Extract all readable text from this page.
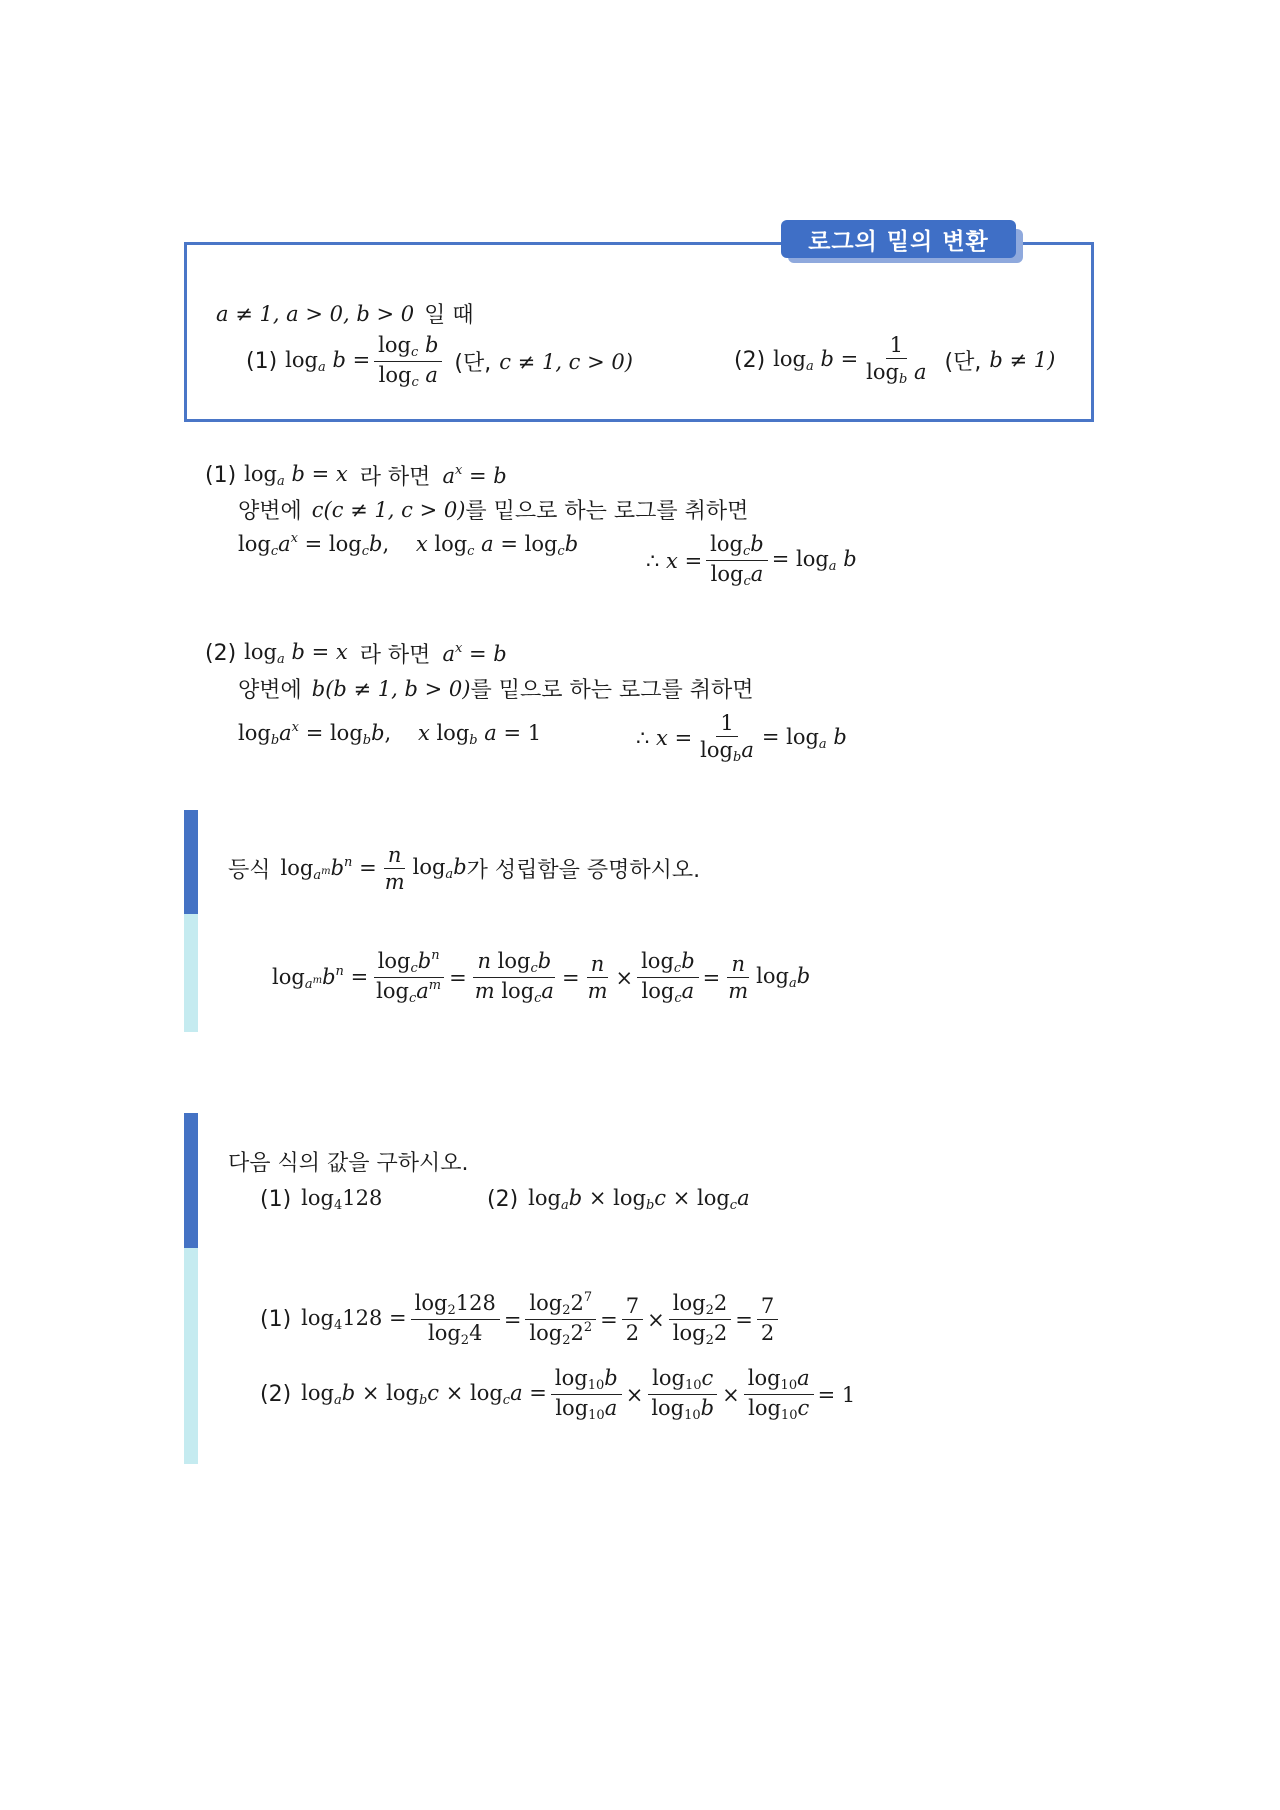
로그의 밑의 변환
a ≠ 1, a > 0, b > 0 일 때
(1) $\log_a b = \frac{\log_c b}{\log_c a}$ (단, c ≠ 1, c > 0)	(2) $\log_a b = \frac{1}{\log_b a}$ (단, b ≠ 1)
(1) $\log_a b = x$ 라 하면 $a^x = b$
양변에 c(c ≠ 1, c > 0) 를 밑으로 하는 로그를 취하면
$\log_ca^x = \log_cb$,    x $\log_c a = \log_cb$
∴ $x = \frac{\log_cb}{\log_ca} = \log_a b$
(2) $\log_a b = x$ 라 하면 $a^x = b$
양변에 b(b ≠ 1, b > 0) 를 밑으로 하는 로그를 취하면
$\log_ba^x = \log_bb$,    x $\log_b a = 1$	∴ $x = \frac{1}{\log_ba} = \log_a b$
등식 $\log_{a^m}b^n = \frac{n}{m} \log_ab$ 가 성립함을 증명하시오.
$\log_{a^m}b^n = \frac{\log_cb^n}{\log_ca^m} = \frac{n \log_cb}{m \log_ca} = \frac{n}{m} \times \frac{\log_cb}{\log_ca} = \frac{n}{m} \log_ab$
다음 식의 값을 구하시오.
(1) $\log_4128$	(2) $\log_ab \times \log_bc \times \log_ca$
(1) $\log_4128 = \frac{\log_2128}{\log_24} = \frac{\log_22^7}{\log_22^2} = \frac{7}{2} \times \frac{\log_22}{\log_22} = \frac{7}{2}$
(2) $\log_ab \times \log_bc \times \log_ca = \frac{\log_{10}b}{\log_{10}a} \times \frac{\log_{10}c}{\log_{10}b} \times \frac{\log_{10}a}{\log_{10}c} = 1$
